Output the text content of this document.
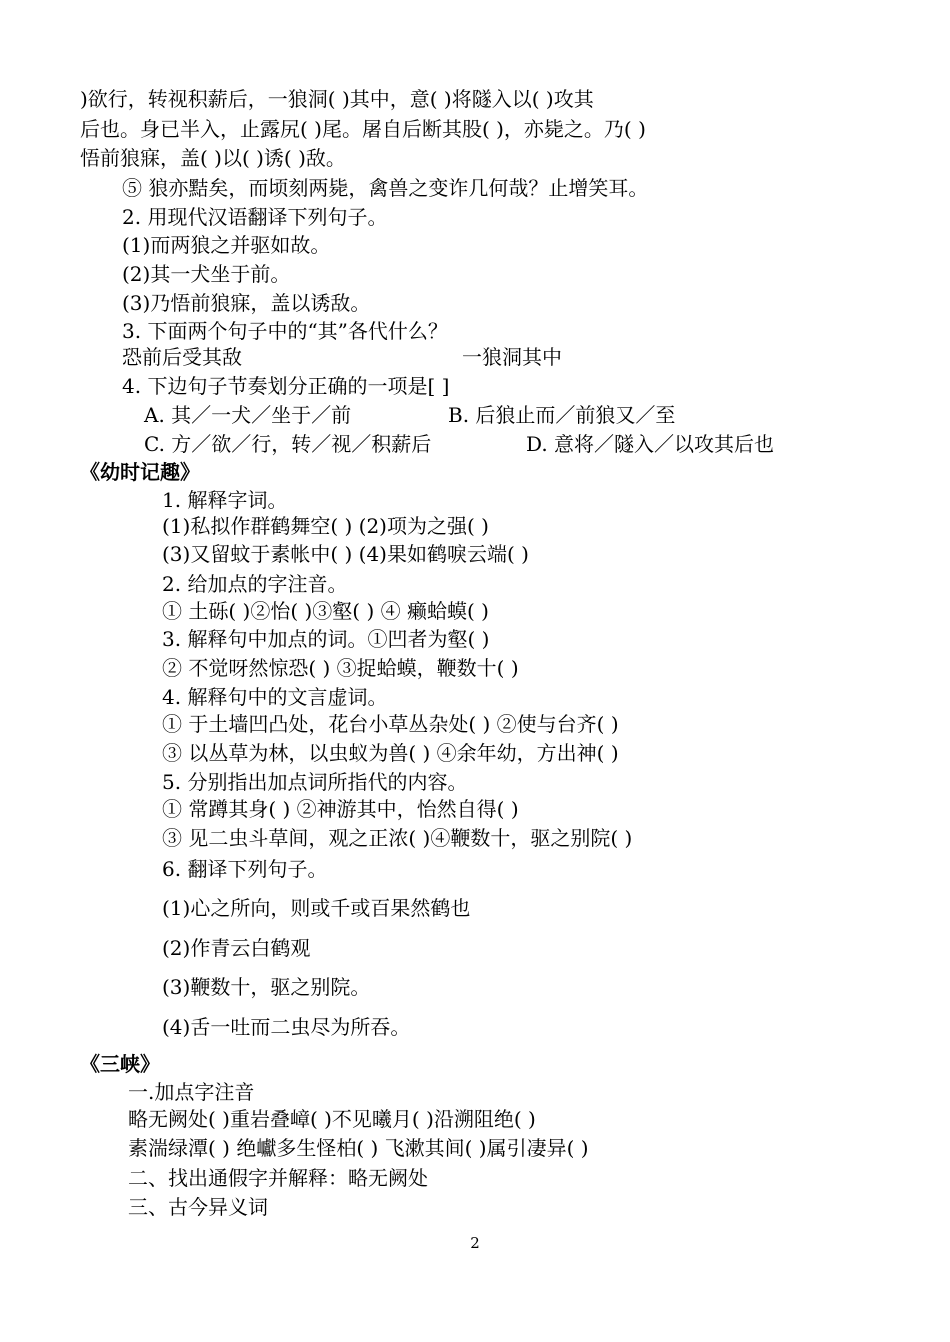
)欲行，转视积薪后，一狼洞( )其中，意( )将隧入以( )攻其
后也。身已半入，止露尻( )尾。屠自后断其股( )，亦毙之。乃( )
悟前狼寐，盖( )以( )诱( )敌。
⑤ 狼亦黠矣，而顷刻两毙，禽兽之变诈几何哉？止增笑耳。
2. 用现代汉语翻译下列句子。
(1)而两狼之并驱如故。
(2)其一犬坐于前。
(3)乃悟前狼寐，盖以诱敌。
3. 下面两个句子中的“其”各代什么？
恐前后受其敌	一狼洞其中
4. 下边句子节奏划分正确的一项是[ ]
A. 其／一犬／坐于／前	B. 后狼止而／前狼又／至
C. 方／欲／行，转／视／积薪后	D. 意将／隧入／以攻其后也
《幼时记趣》
1. 解释字词。
(1)私拟作群鹤舞空( ) (2)项为之强( )
(3)又留蚊于素帐中( ) (4)果如鹤唳云端( )
2. 给加点的字注音。
① 土砾( )②怡( )③壑( ) ④ 癞蛤蟆( )
3. 解释句中加点的词。①凹者为壑( )
② 不觉呀然惊恐( ) ③捉蛤蟆，鞭数十( )
4. 解释句中的文言虚词。
① 于土墙凹凸处，花台小草丛杂处( ) ②使与台齐( )
③ 以丛草为林，以虫蚁为兽( ) ④余年幼，方出神( )
5. 分别指出加点词所指代的内容。
① 常蹲其身( ) ②神游其中，怡然自得( )
③ 见二虫斗草间，观之正浓( )④鞭数十，驱之别院( )
6. 翻译下列句子。
(1)心之所向，则或千或百果然鹤也
(2)作青云白鹤观
(3)鞭数十，驱之别院。
(4)舌一吐而二虫尽为所吞。
《三峡》
一.加点字注音
略无阙处( )重岩叠嶂( )不见曦月( )沿溯阻绝( )
素湍绿潭( ) 绝巘多生怪柏( ) 飞漱其间( )属引凄异( )
二、找出通假字并解释：略无阙处
三、古今异义词
2
